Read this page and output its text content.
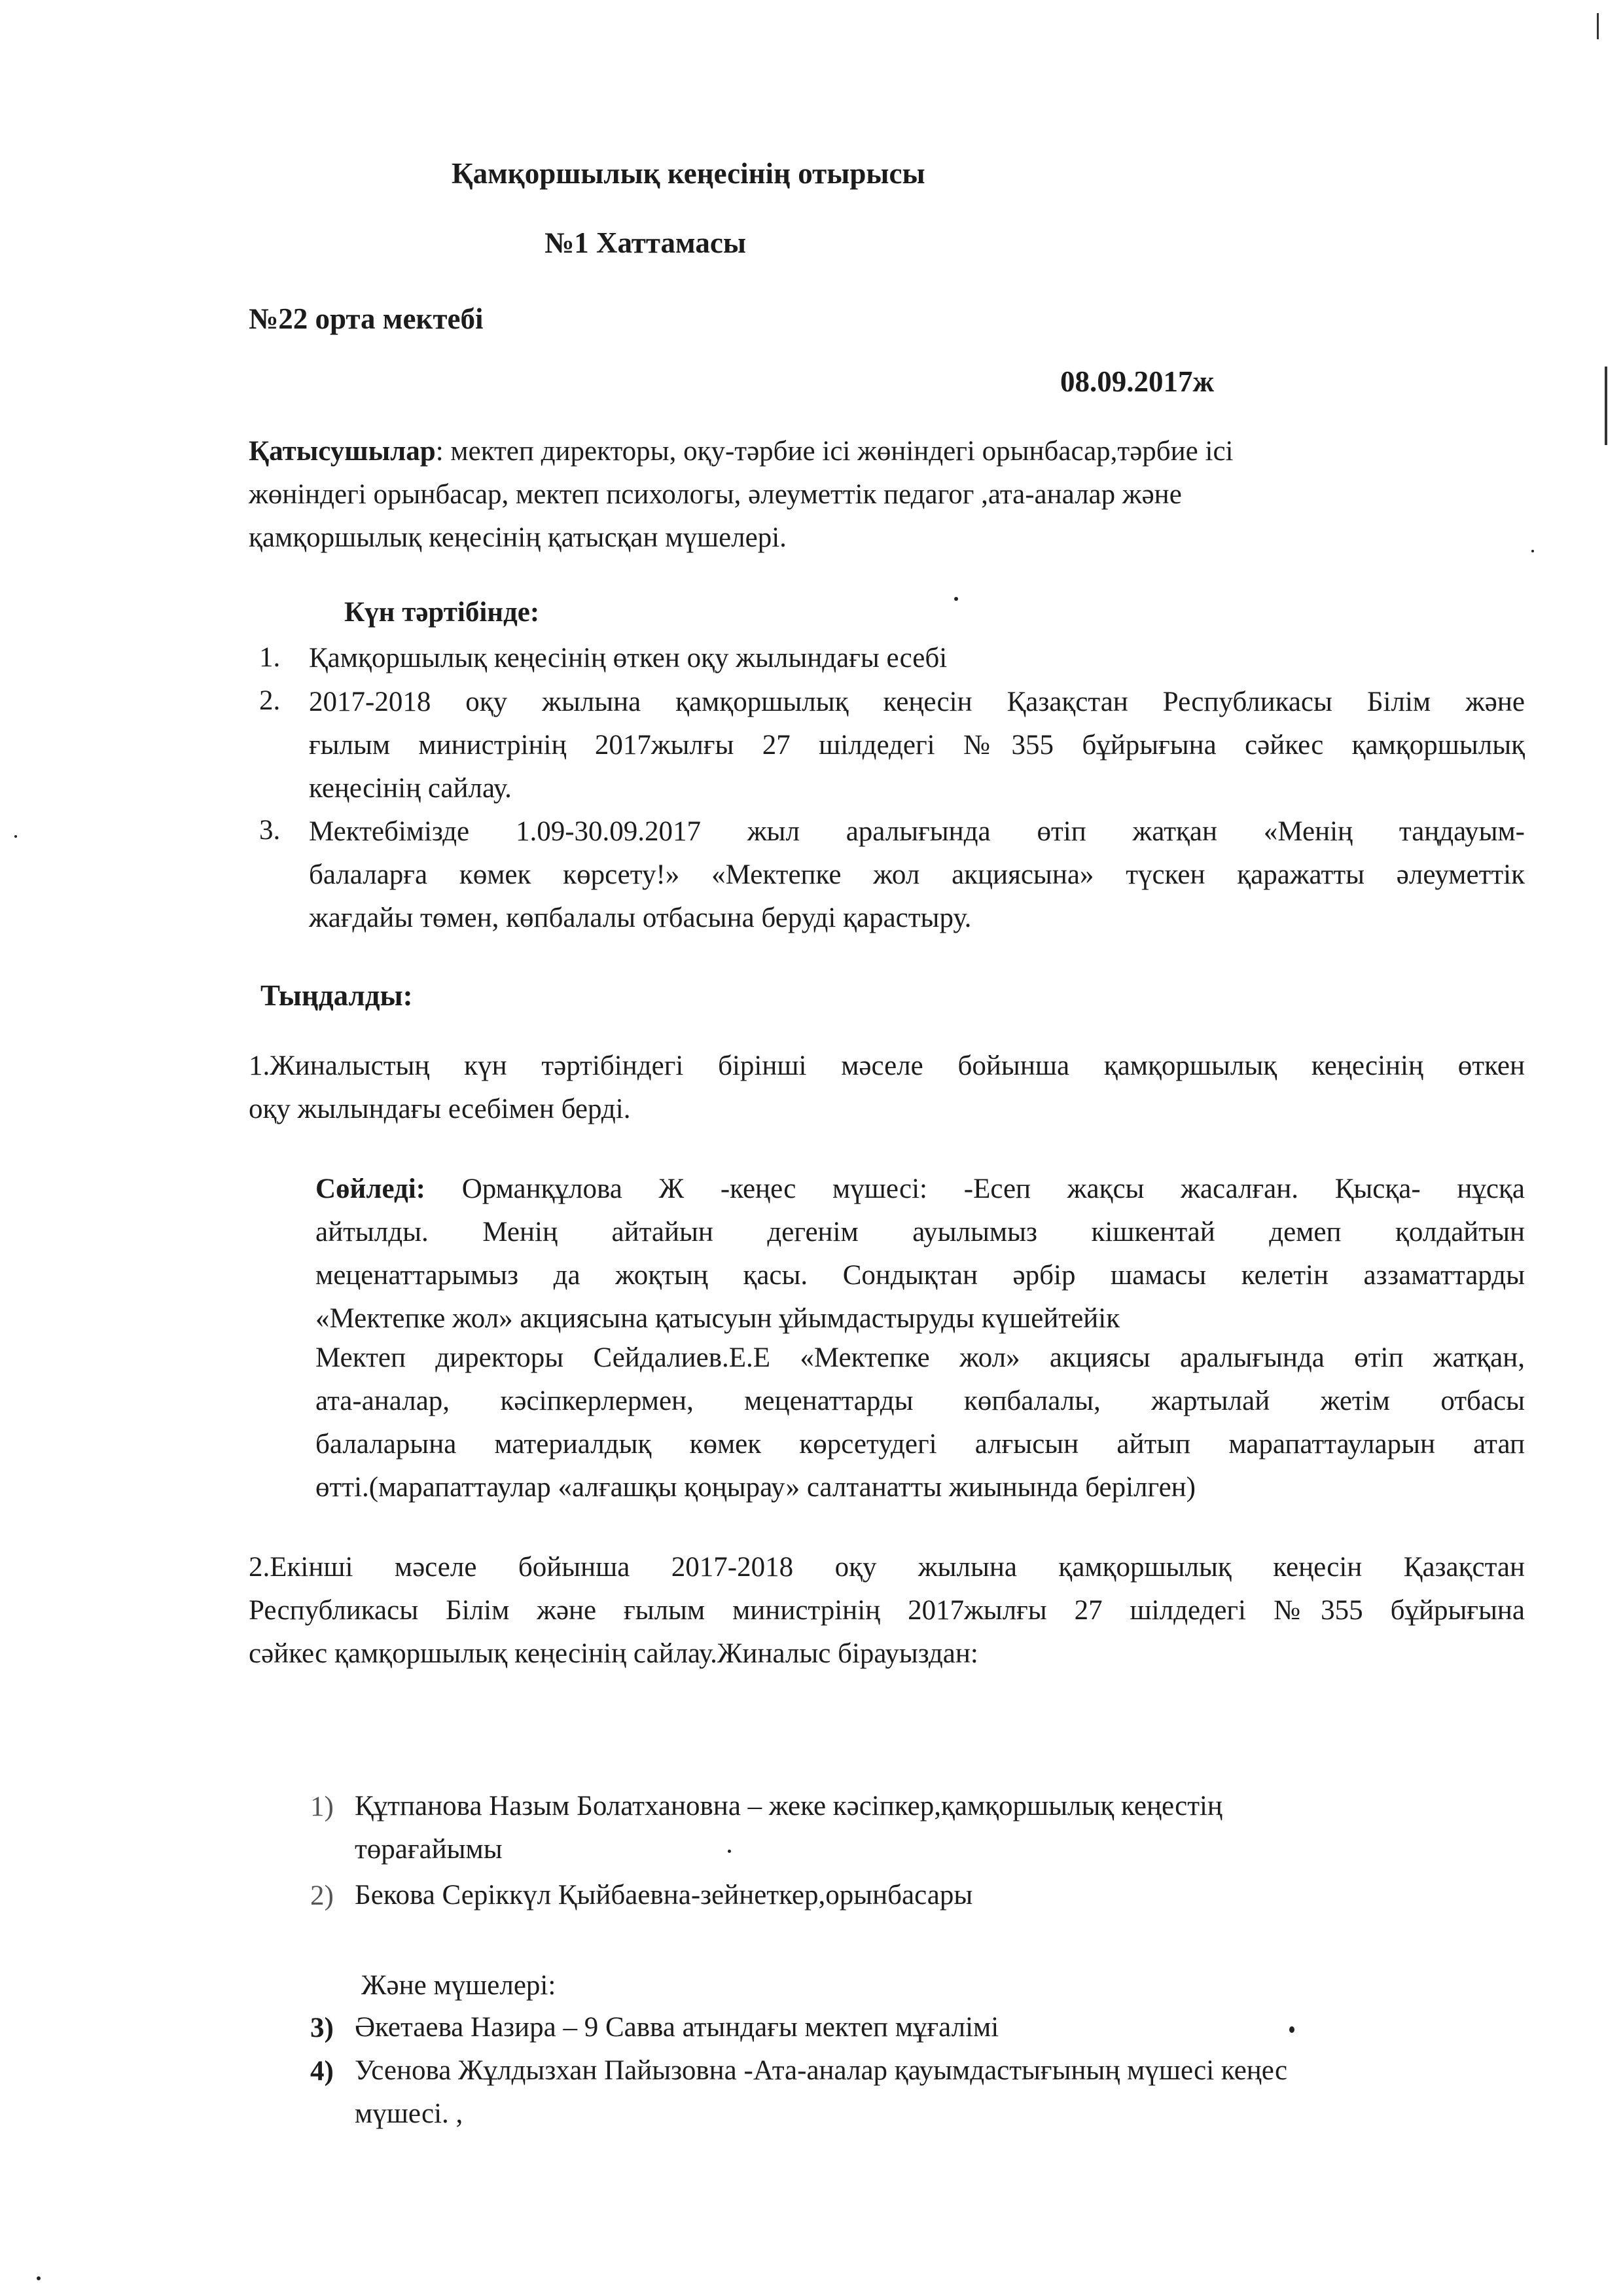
Қамқоршылық кеңесінің отырысы
№1 Хаттамасы
№22 орта мектебі
08.09.2017ж
Қатысушылар: мектеп директоры, оқу-тәрбие ісі жөніндегі орынбасар,тәрбие ісі
жөніндегі орынбасар, мектеп психологы, әлеуметтік педагог ,ата-аналар және
қамқоршылық кеңесінің қатысқан мүшелері.
Күн тәртібінде:
1. Қамқоршылық кеңесінің өткен оқу жылындағы есебі
2. 2017-2018 оқу жылына қамқоршылық кеңесін Қазақстан Республикасы Білім және
ғылым министрінің 2017жылғы 27 шілдедегі №355 бұйрығына сәйкес қамқоршылық
кеңесінің сайлау.
3. Мектебімізде 1.09-30.09.2017 жыл аралығында өтіп жатқан «Менің таңдауым-
балаларға көмек көрсету!» «Мектепке жол акциясына» түскен қаражатты әлеуметтік
жағдайы төмен, көпбалалы отбасына беруді қарастыру.
Тыңдалды:
1.Жиналыстың күн тәртібіндегі бірінші мәселе бойынша қамқоршылық кеңесінің өткен
оқу жылындағы есебімен берді.
Сөйледі: Орманқұлова Ж -кеңес мүшесі: -Есеп жақсы жасалған. Қысқа- нұсқа
айтылды. Менің айтайын дегенім ауылымыз кішкентай демеп қолдайтын
меценаттарымыз да жоқтың қасы. Сондықтан әрбір шамасы келетін аззаматтарды
«Мектепке жол» акциясына қатысуын ұйымдастыруды күшейтейік
Мектеп директоры Сейдалиев.Е.Е «Мектепке жол» акциясы аралығында өтіп жатқан,
ата-аналар, кәсіпкерлермен, меценаттарды көпбалалы, жартылай жетім отбасы
балаларына материалдық көмек көрсетудегі алғысын айтып марапаттауларын атап
өтті.(марапаттаулар «алғашқы қоңырау» салтанатты жиынында берілген)
2.Екінші мәселе бойынша 2017-2018 оқу жылына қамқоршылық кеңесін Қазақстан
Республикасы Білім және ғылым министрінің 2017жылғы 27 шілдедегі №355 бұйрығына
сәйкес қамқоршылық кеңесінің сайлау.Жиналыс бірауыздан:
1) Құтпанова Назым Болатхановна – жеке кәсіпкер,қамқоршылық кеңестің
төрағайымы
2) Бекова Серіккүл Қыйбаевна-зейнеткер,орынбасары
Және мүшелері:
3) Әкетаева Назира – 9 Савва атындағы мектеп мұғалімі
4) Усенова Жұлдызхан Пайызовна -Ата-аналар қауымдастығының мүшесі кеңес
мүшесі. ,
